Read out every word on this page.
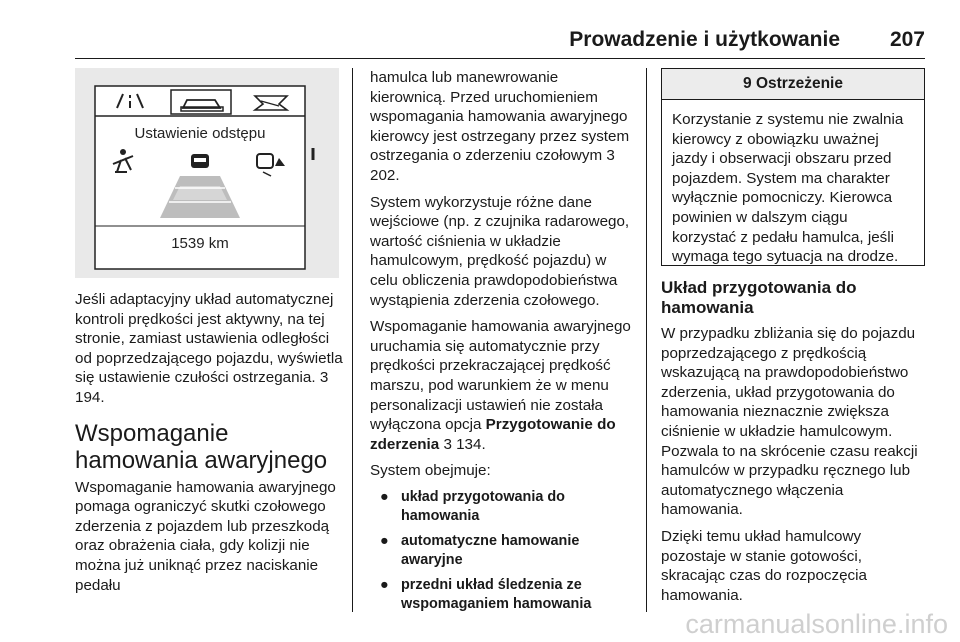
Prowadzenie i użytkowanie 207
Ustawienie odstępu
1539 km

Jeśli adaptacyjny układ automatycznej kontroli prędkości jest aktywny, na tej stronie, zamiast ustawienia odległości od poprzedzającego pojazdu, wyświetla się ustawienie czułości ostrzegania. 3 194.

Wspomaganie hamowania awaryjnego

Wspomaganie hamowania awaryjnego pomaga ograniczyć skutki czołowego zderzenia z pojazdem lub przeszkodą oraz obrażenia ciała, gdy kolizji nie można już uniknąć przez naciskanie pedału

hamulca lub manewrowanie kierownicą. Przed uruchomieniem wspomagania hamowania awaryjnego kierowcy jest ostrzegany przez system ostrzegania o zderzeniu czołowym 3 202.

System wykorzystuje różne dane wejściowe (np. z czujnika radarowego, wartość ciśnienia w układzie hamulcowym, prędkość pojazdu) w celu obliczenia prawdopodobieństwa wystąpienia zderzenia czołowego.

Wspomaganie hamowania awaryjnego uruchamia się automatycznie przy prędkości przekraczającej prędkość marszu, pod warunkiem że w menu personalizacji ustawień nie została wyłączona opcja Przygotowanie do zderzenia 3 134.

System obejmuje:

● układ przygotowania do hamowania
● automatyczne hamowanie awaryjne
● przedni układ śledzenia ze wspomaganiem hamowania
9 Ostrzeżenie
Korzystanie z systemu nie zwalnia kierowcy z obowiązku uważnej jazdy i obserwacji obszaru przed pojazdem. System ma charakter wyłącznie pomocniczy. Kierowca powinien w dalszym ciągu korzystać z pedału hamulca, jeśli wymaga tego sytuacja na drodze.
Układ przygotowania do hamowania

W przypadku zbliżania się do pojazdu poprzedzającego z prędkością wskazującą na prawdopodobieństwo zderzenia, układ przygotowania do hamowania nieznacznie zwiększa ciśnienie w układzie hamulcowym. Pozwala to na skrócenie czasu reakcji hamulców w przypadku ręcznego lub automatycznego włączenia hamowania.

Dzięki temu układ hamulcowy pozostaje w stanie gotowości, skracając czas do rozpoczęcia hamowania.

carmanualsonline.info
